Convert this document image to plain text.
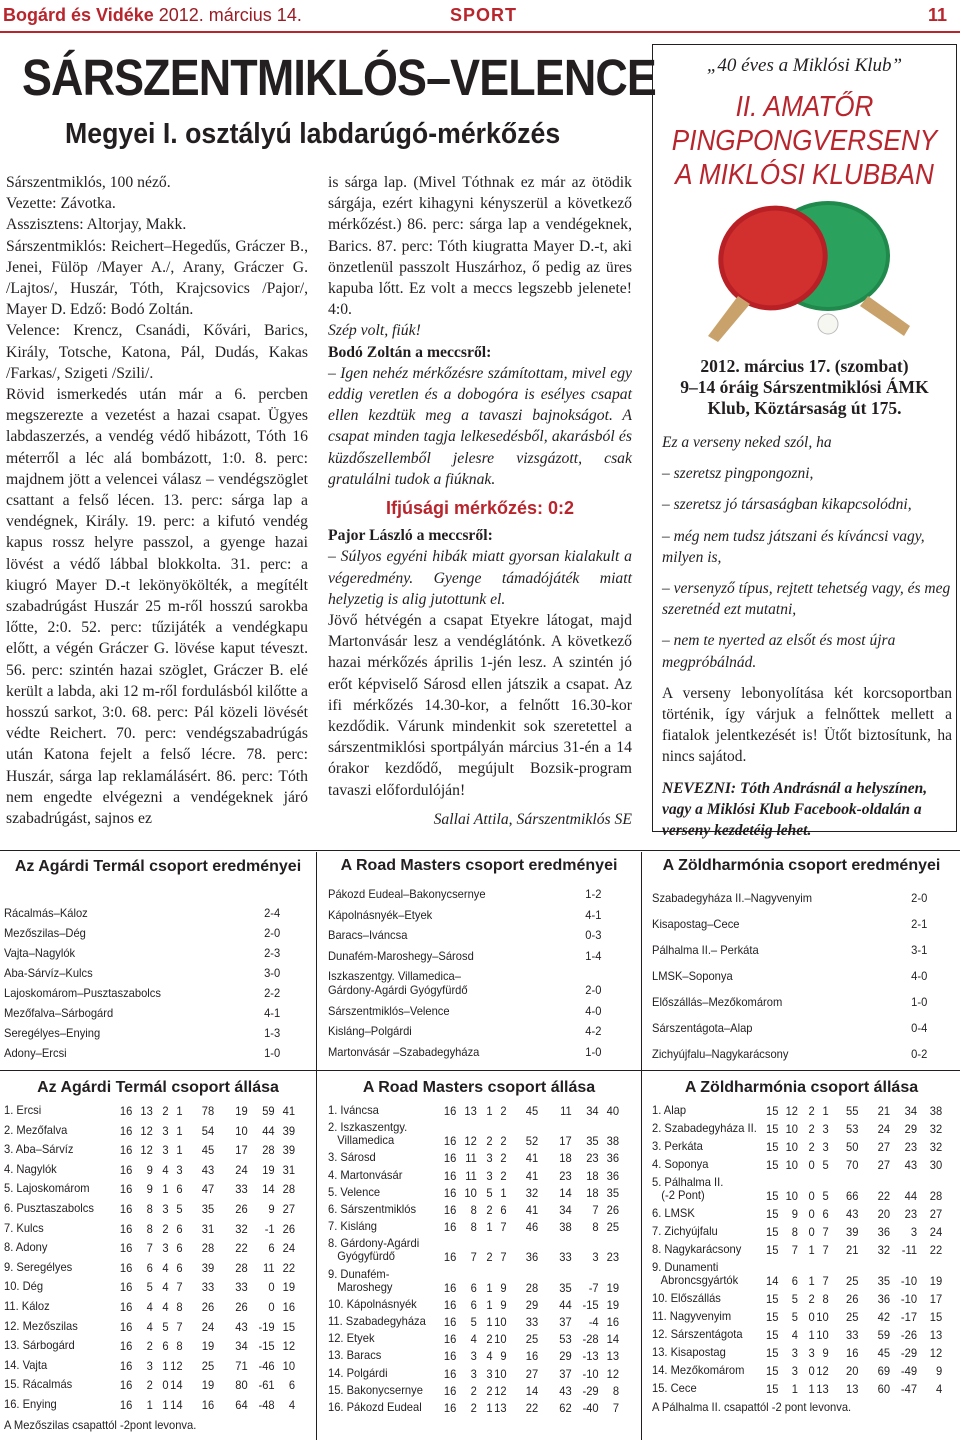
Bogárd és Vidéke 2012. március 14.	SPORT	11
SÁRSZENTMIKLÓS–VELENCE
Megyei I. osztályú labdarúgó-mérkőzés

Sárszentmiklós, 100 néző.

Vezette: Závotka.

Asszisztens: Altorjay, Makk.

Sárszentmiklós: Reichert–Hegedűs, Gráczer B., Jenei, Fülöp /Mayer A./, Arany, Gráczer G. /Lajtos/, Huszár, Tóth, Krajcsovics /Pajor/, Mayer D. Edző: Bodó Zoltán.

Velence: Krencz, Csanádi, Kővári, Barics, Király, Totsche, Katona, Pál, Dudás, Kakas /Farkas/, Szigeti /Szili/.

Rövid ismerkedés után már a 6. percben megszerezte a vezetést a hazai csapat. Ügyes labdaszerzés, a vendég védő hibázott, Tóth 16 méterről a léc alá bombázott, 1:0. 8. perc: majdnem jött a velencei válasz – vendégszöglet csattant a felső lécen. 13. perc: sárga lap a vendégnek, Király. 19. perc: a kifutó vendég kapus rossz helyre passzol, a gyenge hazai lövést a védő lábbal blokkolta. 31. perc: a kiugró Mayer D.-t lekönyökölték, a megítélt szabadrúgást Huszár 25 m-ről hosszú sarokba lőtte, 2:0. 52. perc: tűzijáték a vendégkapu előtt, a végén Gráczer G. lövése kaput téveszt. 56. perc: szintén hazai szöglet, Gráczer B. elé került a labda, aki 12 m-ről fordulásból kilőtte a hosszú sarkot, 3:0. 68. perc: Pál közeli lövését védte Reichert. 70. perc: vendégszabadrúgás után Katona fejelt a felső lécre. 78. perc: Huszár, sárga lap reklamálásért. 86. perc: Tóth nem engedte elvégezni a vendégeknek járó szabadrúgást, sajnos ez

is sárga lap. (Mivel Tóthnak ez már az ötödik sárgája, ezért kihagyni kényszerül a következő mérkőzést.) 86. perc: sárga lap a vendégeknek, Barics. 87. perc: Tóth kiugratta Mayer D.-t, aki önzetlenül passzolt Huszárhoz, ő pedig az üres kapuba lőtt. Ez volt a meccs legszebb jelenete! 4:0.

Szép volt, fiúk!

Bodó Zoltán a meccsről:

– Igen nehéz mérkőzésre számítottam, mivel egy eddig veretlen és a dobogóra is esélyes csapat ellen kezdtük meg a tavaszi bajnokságot. A csapat minden tagja lelkesedésből, akarásból és küzdőszellemből jelesre vizsgázott, csak gratulálni tudok a fiúknak.

Ifjúsági mérkőzés: 0:2

Pajor László a meccsről:

– Súlyos egyéni hibák miatt gyorsan kialakult a végeredmény. Gyenge támadójáték miatt helyzetig is alig jutottunk el.

Jövő hétvégén a csapat Etyekre látogat, majd Martonvásár lesz a vendéglátónk. A következő hazai mérkőzés április 1-jén lesz. A szintén jó erőt képviselő Sárosd ellen játszik a csapat. Az ifi mérkőzés 14.30-kor, a felnőtt 16.30-kor kezdődik. Várunk mindenkit sok szeretettel a sárszentmiklósi sportpályán március 31-én a 14 órakor kezdődő, megújult Bozsik-program tavaszi előfordulóján!

Sallai Attila, Sárszentmiklós SE

„40 éves a Miklósi Klub”
II. AMATŐR
PINGPONGVERSENY
A MIKLÓSI KLUBBAN
2012. március 17. (szombat)
9–14 óráig Sárszentmiklósi ÁMK
Klub, Köztársaság út 175.

Ez a verseny neked szól, ha

– szeretsz pingpongozni,

– szeretsz jó társaságban kikapcsolódni,

– még nem tudsz játszani és kíváncsi vagy, milyen is,

– versenyző típus, rejtett tehetség vagy, és meg szeretnéd ezt mutatni,

– nem te nyerted az elsőt és most újra megpróbálnád.

A verseny lebonyolítása két korcsoportban történik, így várjuk a felnőttek mellett a fiatalok jelentkezését is! Ütőt biztosítunk, ha nincs sajátod.

NEVEZNI: Tóth Andrásnál a helyszínen, vagy a Miklósi Klub Facebook-oldalán a verseny kezdetéig lehet.

Az Agárdi Termál csoport eredményei	A Road Masters csoport eredményei	A Zöldharmónia csoport eredményei
Rácalmás–Káloz	2-4
Mezőszilas–Dég	2-0
Vajta–Nagylók	2-3
Aba-Sárvíz–Kulcs	3-0
Lajoskomárom–Pusztaszabolcs	2-2
Mezőfalva–Sárbogárd	4-1
Seregélyes–Enying	1-3
Adony–Ercsi	1-0
Pákozd Eudeal–Bakonycsernye	1-2
Kápolnásnyék–Etyek	4-1
Baracs–Iváncsa	0-3
Dunafém-Maroshegy–Sárosd	1-4
Iszkaszentgy. Villamedica–
Gárdony-Agárdi Gyógyfürdő	2-0
Sárszentmiklós–Velence	4-0
Kisláng–Polgárdi	4-2
Martonvásár –Szabadegyháza	1-0
Szabadegyháza II.–Nagyvenyim	2-0
Kisapostag–Cece	2-1
Pálhalma II.– Perkáta	3-1
LMSK–Soponya	4-0
Előszállás–Mezőkomárom	1-0
Sárszentágota–Alap	0-4
Zichyújfalu–Nagykarácsony	0-2
Az Agárdi Termál csoport állása	A Road Masters csoport állása	A Zöldharmónia csoport állása
1. Ercsi	16 13 2 1	78	19	59 41
2. Mezőfalva	16 12 3 1	54	10	44 39
3. Aba–Sárvíz	16 12 3 1	45	17	28 39
4. Nagylók	16	9 4 3	43	24	19 31
5. Lajoskomárom	16	9 1 6	47	33	14 28
6. Pusztaszabolcs	16	8 3 5	35	26	9 27
7. Kulcs	16	8 2 6	31	32	-1 26
8. Adony	16	7 3 6	28	22	6 24
9. Seregélyes	16	6 4 6	39	28	11 22
10. Dég	16	5 4 7	33	33	0 19
11. Káloz	16	4 4 8	26	26	0 16
12. Mezőszilas	16	4 5 7	24	43 -19 15
13. Sárbogárd	16	2 6 8	19	34 -15 12
14. Vajta	16	3 1 12	25	71 -46 10
15. Rácalmás	16	2 0 14	19	80 -61	6
16. Enying	16	1 1 14	16	64 -48	4
A Mezőszilas csapattól -2pont levonva.
1. Iváncsa	16 13 1 2	45	11	34 40
2. Iszkaszentgy.
Villamedica	16 12 2 2	52	17	35 38
3. Sárosd	16 11 3 2	41	18	23 36
4. Martonvásár	16 11 3 2	41	23	18 36
5. Velence	16 10 5 1	32	14	18 35
6. Sárszentmiklós	16	8 2 6	41	34	7 26
7. Kisláng	16	8 1 7	46	38	8 25
8. Gárdony-Agárdi
Gyógyfürdő	16	7 2 7	36	33	3 23
9. Dunafém-
Maroshegy	16	6 1 9	28	35	-7 19
10. Kápolnásnyék	16	6 1 9	29	44 -15 19
11. Szabadegyháza	16	5 1 10	33	37	-4 16
12. Etyek	16	4 2 10	25	53 -28 14
13. Baracs	16	3 4 9	16	29 -13 13
14. Polgárdi	16	3 3 10	27	37 -10 12
15. Bakonycsernye	16	2 2 12	14	43 -29	8
16. Pákozd Eudeal	16	2 1 13	22	62 -40	7
1. Alap	15 12 2 1	55	21	34	38
2. Szabadegyháza II. 15 10 2 3	53	24	29	32
3. Perkáta	15 10 2 3	50	27	23	32
4. Soponya	15 10 0 5	70	27	43	30
5. Pálhalma II.
(-2 Pont)	15 10 0 5	66	22	44	28
6. LMSK	15	9 0 6	43	20	23	27
7. Zichyújfalu	15	8 0 7	39	36	3	24
8. Nagykarácsony	15	7 1 7	21	32 -11	22
9. Dunamenti
Abroncsgyártók	14	6 1 7	25	35 -10	19
10. Előszállás	15	5 2 8	26	36 -10	17
11. Nagyvenyim	15	5 0 10	25	42 -17	15
12. Sárszentágota	15	4 1 10	33	59 -26	13
13. Kisapostag	15	3 3 9	16	45 -29	12
14. Mezőkomárom	15	3 0 12	20	69 -49	9
15. Cece	15	1 1 13	13	60 -47	4
A Pálhalma II. csapattól -2 pont levonva.
